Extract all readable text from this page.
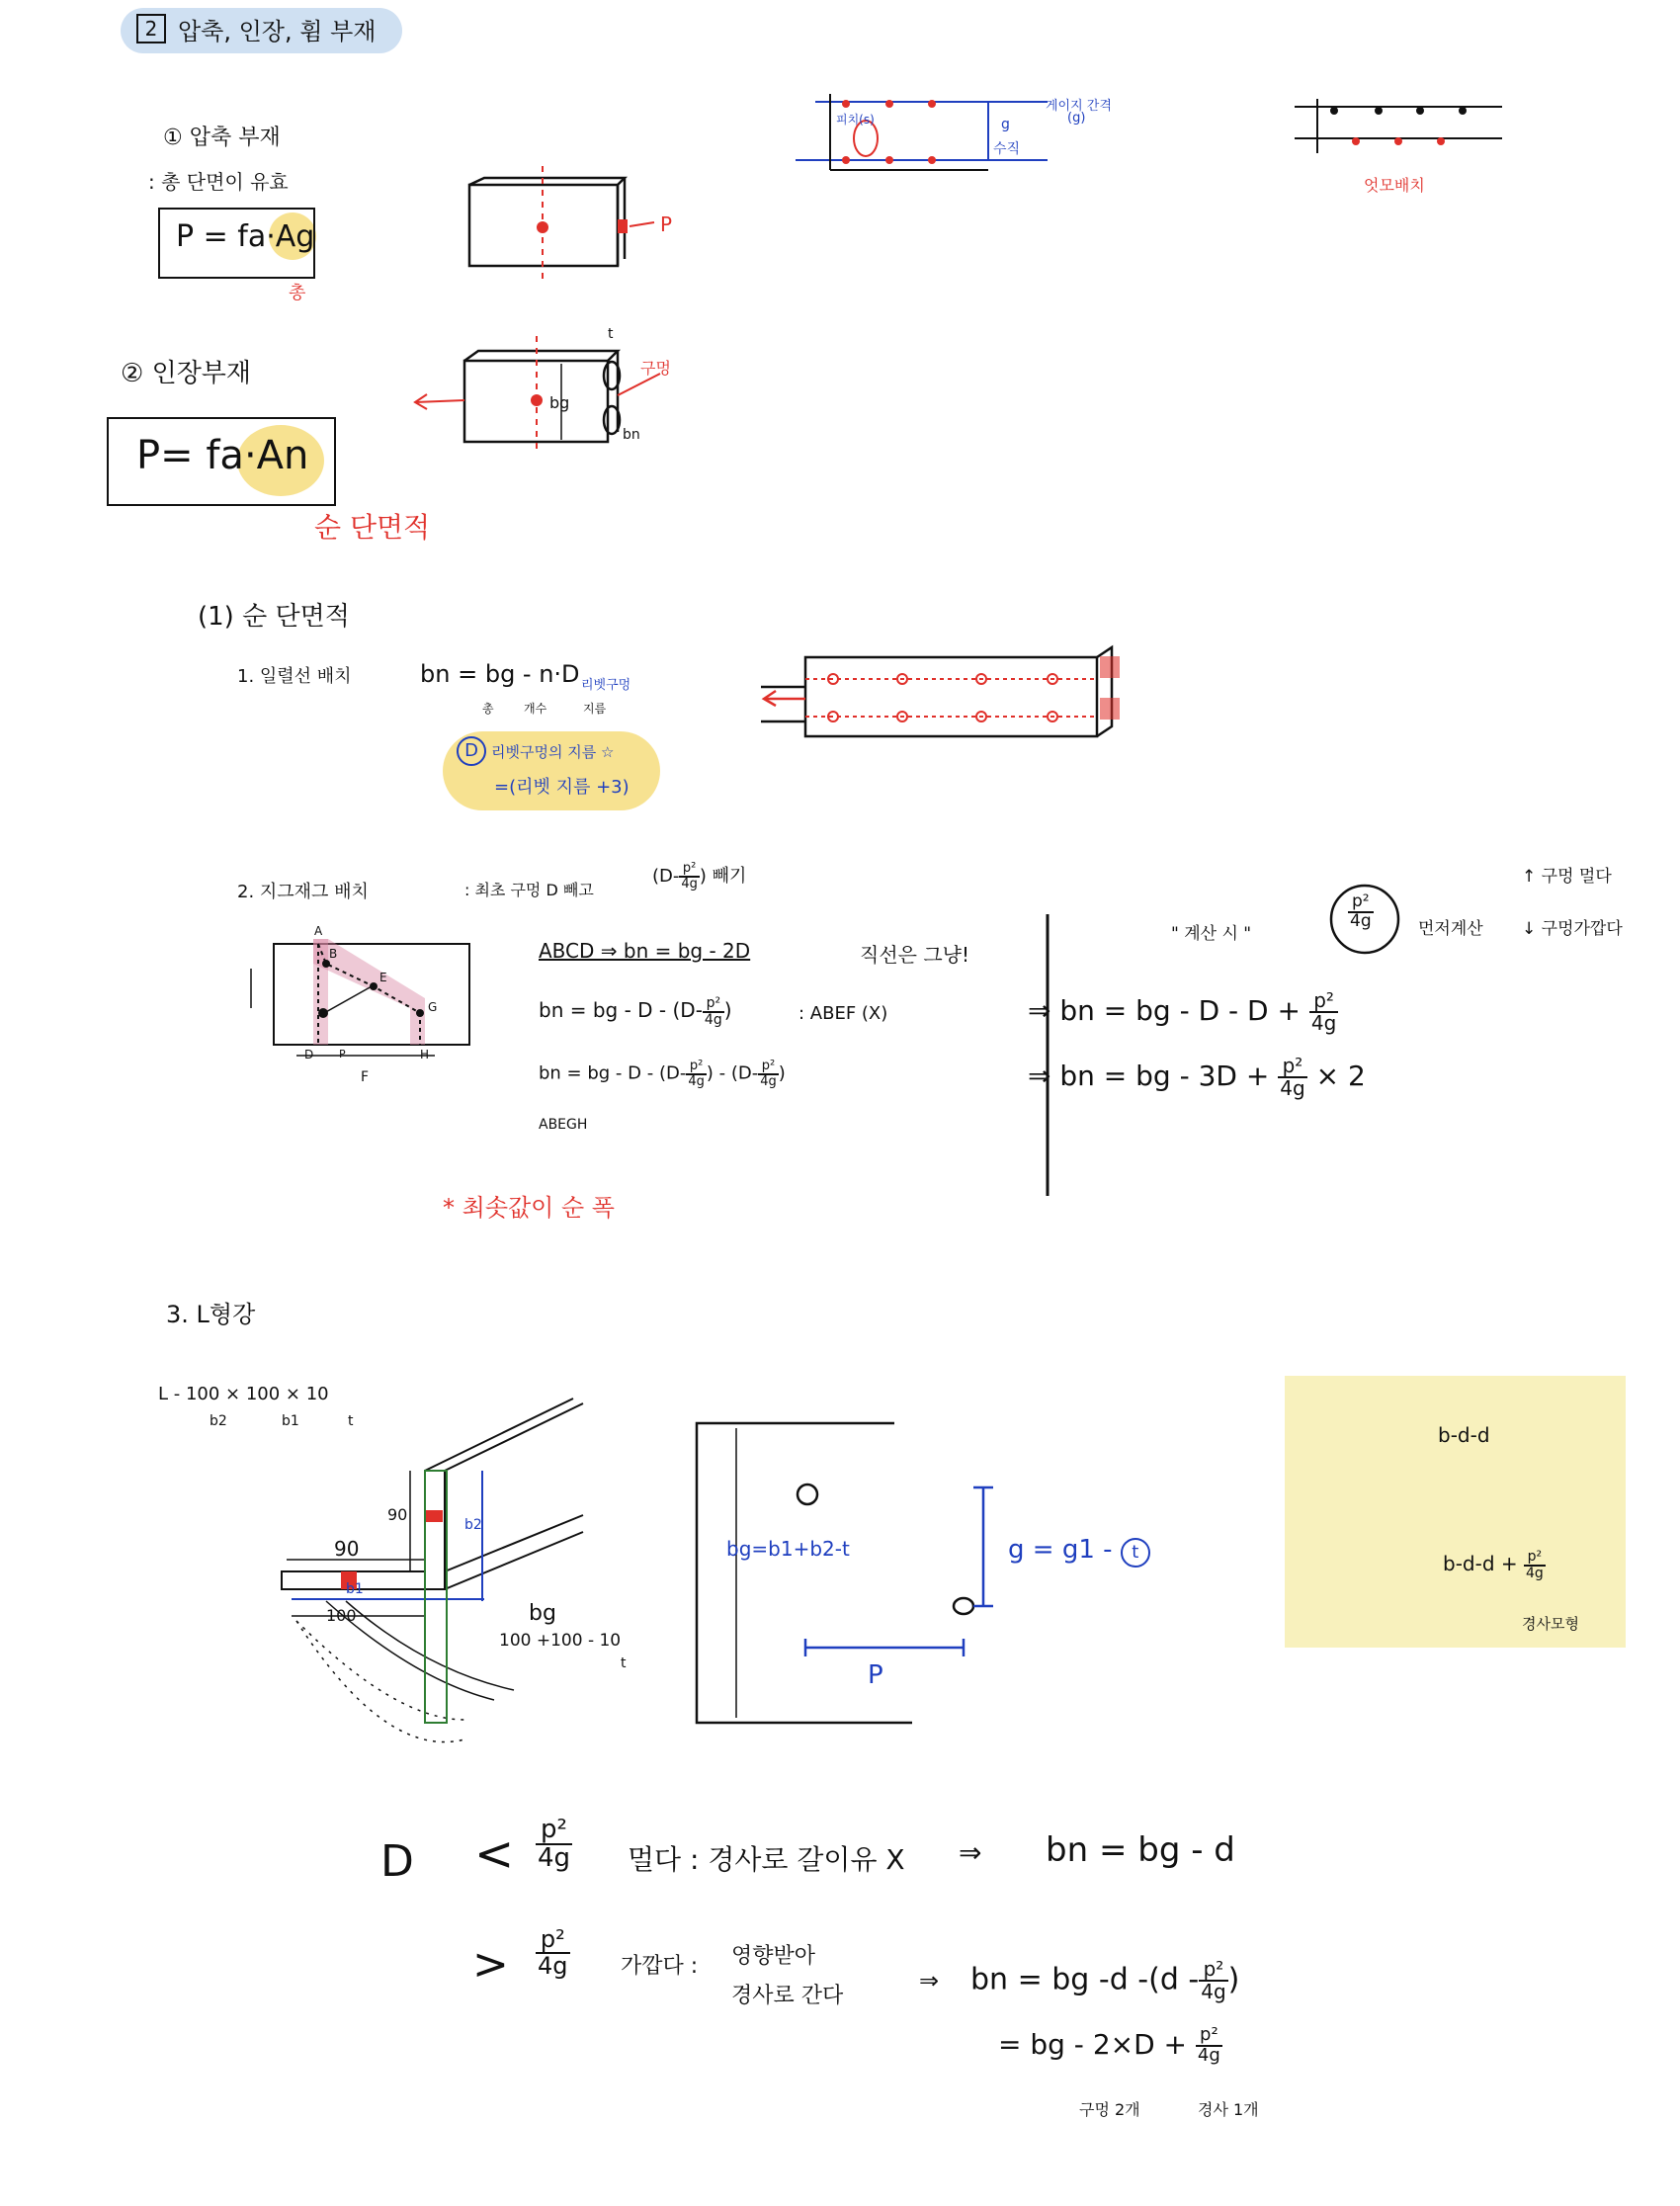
2 압축, 인장, 휨 부재
① 압축 부재
: 총 단면이 유효
P = fa·Ag
총
P
② 인장부재
P= fa·An
순 단면적
t
bg
bn
구멍
게이지 간격
(g)
g
수직
피치(s)
엇모배치
(1) 순 단면적
1. 일렬선 배치	bn = bg - n·D
총	개수	지름
리벳구멍
D 리벳구멍의 지름 ☆
=(리벳 지름 +3)
2. 지그재그 배치	: 최초 구멍 D 빼고
($D- \frac{\text{p²}}{4g}$ ) 빼기
A
B
E
G
D
F
H
P
ABCD ⇒ bn = bg - 2D	직선은 그냥!
bn = bg - D - ($D- \frac{\text{p²}}{4g}$ )	: ABEF (X)
bn = bg - D - ($D- \frac{\text{p²}}{4g}$ ) - ($D- \frac{\text{p²}}{4g}$ )
ABEGH
* 최솟값이 순 폭
" 계산 시 "
$\frac{\text{p²}}{4g}$	먼저계산
↑ 구멍 멀다
↓ 구멍가깝다
⇒ bn = bg - $D - D + \frac{\text{p²}}{4g}$
⇒ bn = bg - $3D + \frac{\text{p²}}{4g} \times 2$
3. L형강
L - 100 × 100 × 10
b2	b1	t
90
90
100
b2
b1
bg
100 +100 - 10
t
bg=b1+b2-t	g = g1 - t
P
b-d-d
$b-d-d + \frac{\text{p²}}{4g}$
경사모형
$D < \frac{\text{p²}}{4g}$ 멀다 : 경사로 갈이유 X ⇒ bn = bg - d
> $\frac{\text{p²}}{4g}$ 가깝다 : 영향받아
경사로 간다
⇒ bn = bg -d $-(d - \frac{\text{p²}}{4g}$ )
= bg - $2\times D + \frac{\text{p²}}{4g}$
구멍 2개	경사 1개
